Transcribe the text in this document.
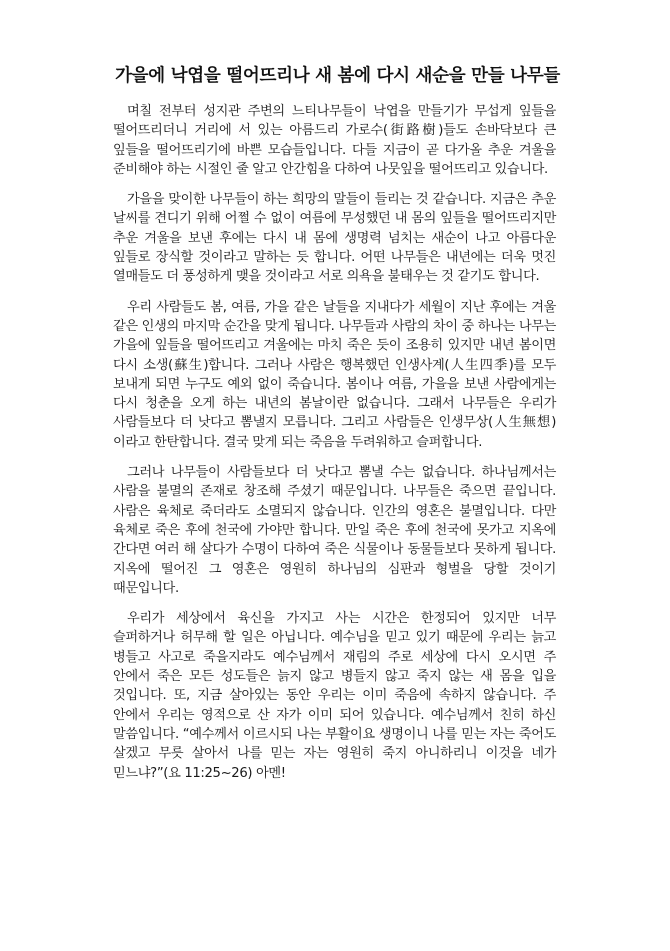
가을에 낙엽을 떨어뜨리나 새 봄에 다시 새순을 만들 나무들

며칠 전부터 성지관 주변의 느티나무들이 낙엽을 만들기가 무섭게 잎들을 떨어뜨리더니 거리에 서 있는 아름드리 가로수(街路樹)들도 손바닥보다 큰 잎들을 떨어뜨리기에 바쁜 모습들입니다. 다들 지금이 곧 다가올 추운 겨울을 준비해야 하는 시절인 줄 알고 안간힘을 다하여 나뭇잎을 떨어뜨리고 있습니다.

가을을 맞이한 나무들이 하는 희망의 말들이 들리는 것 같습니다. 지금은 추운 날씨를 견디기 위해 어쩔 수 없이 여름에 무성했던 내 몸의 잎들을 떨어뜨리지만 추운 겨울을 보낸 후에는 다시 내 몸에 생명력 넘치는 새순이 나고 아름다운 잎들로 장식할 것이라고 말하는 듯 합니다. 어떤 나무들은 내년에는 더욱 멋진 열매들도 더 풍성하게 맺을 것이라고 서로 의욕을 불태우는 것 같기도 합니다.

우리 사람들도 봄, 여름, 가을 같은 날들을 지내다가 세월이 지난 후에는 겨울 같은 인생의 마지막 순간을 맞게 됩니다. 나무들과 사람의 차이 중 하나는 나무는 가을에 잎들을 떨어뜨리고 겨울에는 마치 죽은 듯이 조용히 있지만 내년 봄이면 다시 소생(蘇生)합니다. 그러나 사람은 행복했던 인생사계(人生四季)를 모두 보내게 되면 누구도 예외 없이 죽습니다. 봄이나 여름, 가을을 보낸 사람에게는 다시 청춘을 오게 하는 내년의 봄날이란 없습니다. 그래서 나무들은 우리가 사람들보다 더 낫다고 뽐낼지 모릅니다. 그리고 사람들은 인생무상(人生無想)이라고 한탄합니다. 결국 맞게 되는 죽음을 두려워하고 슬퍼합니다.

그러나 나무들이 사람들보다 더 낫다고 뽐낼 수는 없습니다. 하나님께서는 사람을 불멸의 존재로 창조해 주셨기 때문입니다. 나무들은 죽으면 끝입니다. 사람은 육체로 죽더라도 소멸되지 않습니다. 인간의 영혼은 불멸입니다. 다만 육체로 죽은 후에 천국에 가야만 합니다. 만일 죽은 후에 천국에 못가고 지옥에 간다면 여러 해 살다가 수명이 다하여 죽은 식물이나 동물들보다 못하게 됩니다. 지옥에 떨어진 그 영혼은 영원히 하나님의 심판과 형벌을 당할 것이기 때문입니다.

우리가 세상에서 육신을 가지고 사는 시간은 한정되어 있지만 너무 슬퍼하거나 허무해 할 일은 아닙니다. 예수님을 믿고 있기 때문에 우리는 늙고 병들고 사고로 죽을지라도 예수님께서 재림의 주로 세상에 다시 오시면 주 안에서 죽은 모든 성도들은 늙지 않고 병들지 않고 죽지 않는 새 몸을 입을 것입니다. 또, 지금 살아있는 동안 우리는 이미 죽음에 속하지 않습니다. 주 안에서 우리는 영적으로 산 자가 이미 되어 있습니다. 예수님께서 친히 하신 말씀입니다. “예수께서 이르시되 나는 부활이요 생명이니 나를 믿는 자는 죽어도 살겠고 무릇 살아서 나를 믿는 자는 영원히 죽지 아니하리니 이것을 네가 믿느냐?”(요 11:25~26) 아멘!
